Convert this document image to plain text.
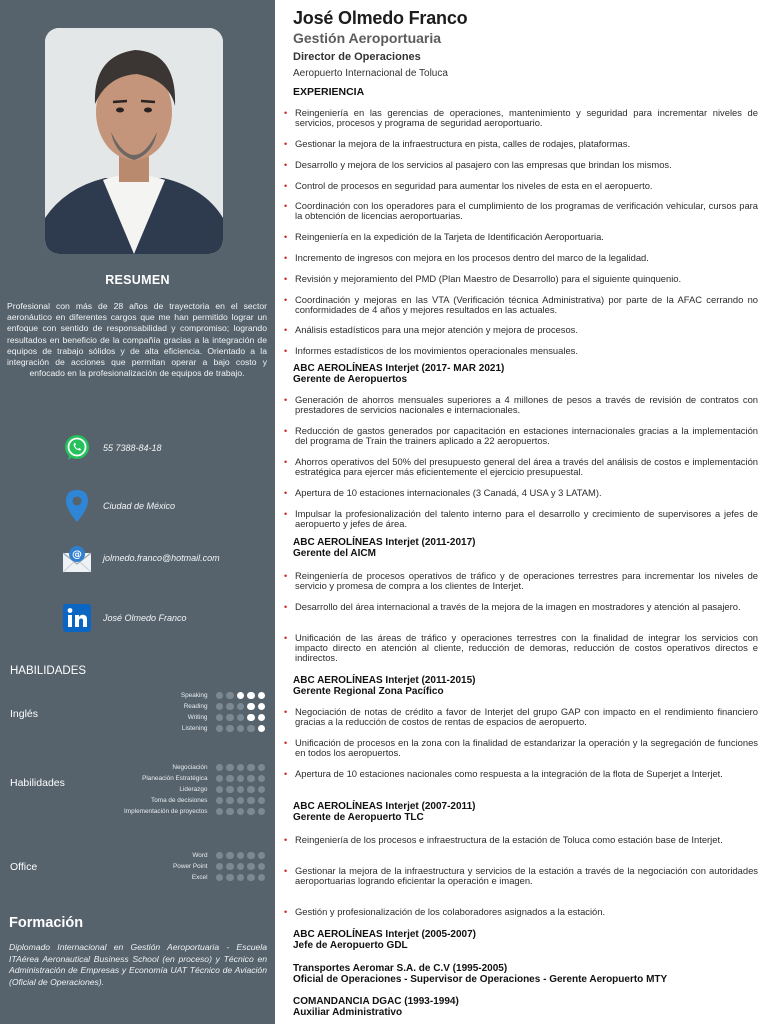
RESUMEN
Profesional con más de 28 años de trayectoria en el sector aeronáutico en diferentes cargos que me han permitido lograr un enfoque con sentido de responsabilidad y compromiso; logrando resultados en beneficio de la compañía gracias a la integración de equipos de trabajo sólidos y de alta eficiencia. Orientado a la integración de acciones que permitan operar a bajo costo y enfocado en la profesionalización de equipos de trabajo.
55 7388-84-18
Ciudad de México
@ jolmedo.franco@hotmail.com
José Olmedo Franco
HABILIDADES
Inglés
Speaking
Reading
Writing
Listening
Habilidades
Negociación
Planeación Estratégica
Liderazgo
Toma de decisiones
Implementación de proyectos
Office
Word
Power Point
Excel
Formación
Diplomado Internacional en Gestión Aeroportuaria - Escuela ITAérea Aeronautical Business School (en proceso) y Técnico en Administración de Empresas y Economía UAT Técnico de Aviación (Oficial de Operaciones).
José Olmedo Franco
Gestión Aeroportuaria
Director de Operaciones
Aeropuerto Internacional de Toluca
EXPERIENCIA
• Reingeniería en las gerencias de operaciones, mantenimiento y seguridad para incrementar niveles de servicios, procesos y programa de seguridad aeroportuario.
• Gestionar la mejora de la infraestructura en pista, calles de rodajes, plataformas.
• Desarrollo y mejora de los servicios al pasajero con las empresas que brindan los mismos.
• Control de procesos en seguridad para aumentar los niveles de esta en el aeropuerto.
• Coordinación con los operadores para el cumplimiento de los programas de verificación vehicular, cursos para la obtención de licencias aeroportuarias.
• Reingeniería en la expedición de la Tarjeta de Identificación Aeroportuaria.
• Incremento de ingresos con mejora en los procesos dentro del marco de la legalidad.
• Revisión y mejoramiento del PMD (Plan Maestro de Desarrollo) para el siguiente quinquenio.
• Coordinación y mejoras en las VTA (Verificación técnica Administrativa) por parte de la AFAC cerrando no conformidades de 4 años y mejores resultados en las actuales.
• Análisis estadísticos para una mejor atención y mejora de procesos.
• Informes estadísticos de los movimientos operacionales mensuales.
ABC AEROLÍNEAS Interjet (2017- MAR 2021)
Gerente de Aeropuertos
• Generación de ahorros mensuales superiores a 4 millones de pesos a través de revisión de contratos con prestadores de servicios nacionales e internacionales.
• Reducción de gastos generados por capacitación en estaciones internacionales gracias a la implementación del programa de Train the trainers aplicado a 22 aeropuertos.
• Ahorros operativos del 50% del presupuesto general del área a través del análisis de costos e implementación estratégica para ejercer más eficientemente el ejercicio presupuestal.
• Apertura de 10 estaciones internacionales (3 Canadá, 4 USA y 3 LATAM).
• Impulsar la profesionalización del talento interno para el desarrollo y crecimiento de supervisores a jefes de aeropuerto y jefes de área.
ABC AEROLÍNEAS Interjet (2011-2017)
Gerente del AICM
• Reingeniería de procesos operativos de tráfico y de operaciones terrestres para incrementar los niveles de servicio y promesa de compra a los clientes de Interjet.
• Desarrollo del área internacional a través de la mejora de la imagen en mostradores y atención al pasajero.
• Unificación de las áreas de tráfico y operaciones terrestres con la finalidad de integrar los servicios con impacto directo en atención al cliente, reducción de demoras, reducción de costos operativos directos e indirectos.
ABC AEROLÍNEAS Interjet (2011-2015)
Gerente Regional Zona Pacífico
• Negociación de notas de crédito a favor de Interjet del grupo GAP con impacto en el rendimiento financiero gracias a la reducción de costos de rentas de espacios de aeropuerto.
• Unificación de procesos en la zona con la finalidad de estandarizar la operación y la segregación de funciones en todos los aeropuertos.
• Apertura de 10 estaciones nacionales como respuesta a la integración de la flota de Superjet a Interjet.
ABC AEROLÍNEAS Interjet (2007-2011)
Gerente de Aeropuerto TLC
• Reingeniería de los procesos e infraestructura de la estación de Toluca como estación base de Interjet.
• Gestionar la mejora de la infraestructura y servicios de la estación a través de la negociación con autoridades aeroportuarias logrando eficientar la operación e imagen.
• Gestión y profesionalización de los colaboradores asignados a la estación.
ABC AEROLÍNEAS Interjet (2005-2007)
Jefe de Aeropuerto GDL
Transportes Aeromar S.A. de C.V (1995-2005)
Oficial de Operaciones - Supervisor de Operaciones - Gerente Aeropuerto MTY
COMANDANCIA DGAC (1993-1994)
Auxiliar Administrativo
